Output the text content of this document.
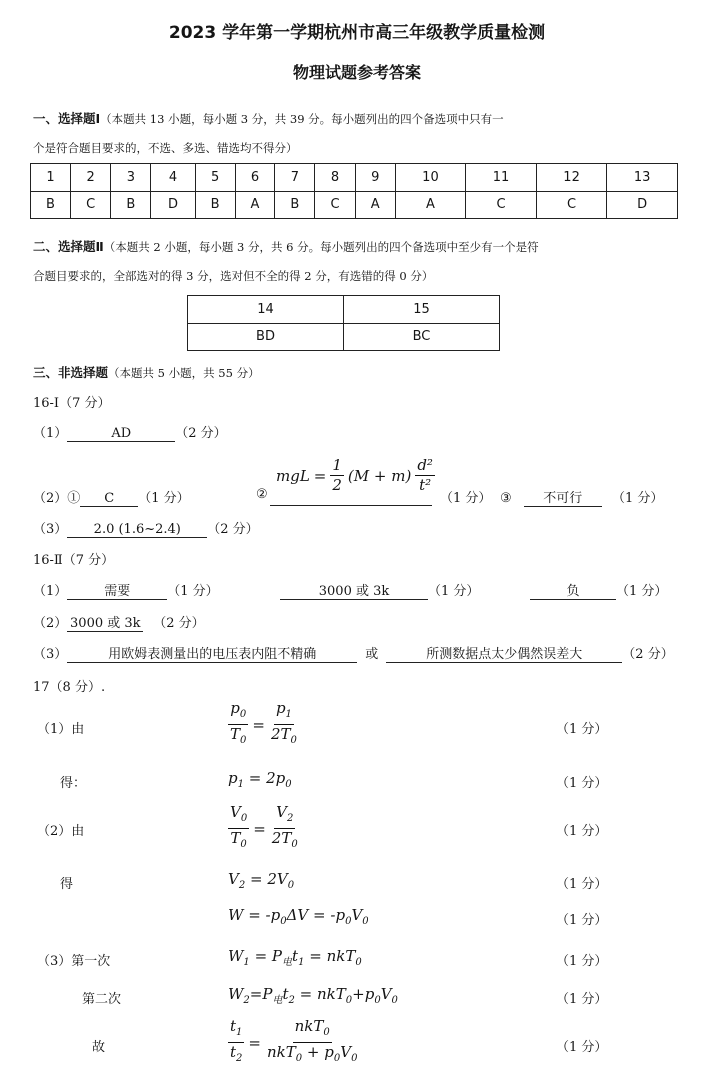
2023 学年第一学期杭州市高三年级教学质量检测
物理试题参考答案
一、选择题Ⅰ（本题共 13 小题，每小题 3 分，共 39 分。每小题列出的四个备选项中只有一
个是符合题目要求的，不选、多选、错选均不得分）
1	2	3	4	5	6	7	8	9	10	11	12	13
B	C	B	D	B	A	B	C	A	A	C	C	D
二、选择题Ⅱ（本题共 2 小题，每小题 3 分，共 6 分。每小题列出的四个备选项中至少有一个是符
合题目要求的，全部选对的得 3 分，选对但不全的得 2 分，有选错的得 0 分）
14	15
BD	BC
三、非选择题（本题共 5 小题，共 55 分）
16-Ⅰ（7 分）
（1）	AD	（2 分）
（2）① C （1 分）	②
mgL = $\frac{1}{2} (M + m) \frac{\text{d²}}{\text{t²}}$
（1 分） ③ 不可行 （1 分）
（3） 2.0 (1.6~2.4) （2 分）
16-Ⅱ（7 分）
（1）	需要	（1 分）	3000 或 3k	（1 分）	负	（1 分）
（2） 3000 或 3k （2 分）
（3）	用欧姆表测量出的电压表内阻不精确	或	所测数据点太少偶然误差大	（2 分）
17（8 分）.
（1）由	$\frac{p_0}{T_0} = \frac{p_1}{2T_0}$	（1 分）
得：	$p_1 = 2p_0$	（1 分）
（2）由	$\frac{V_0}{T_0} = \frac{V_2}{2T_0}$	（1 分）
得	$V_2 = 2V_0$	（1 分）
$W = -p_0\Delta V = -p_0V_0$	（1 分）
（3）第一次	$W_1 = P_电t_1 = nkT_0$	（1 分）
第二次	$W_2=P_电t_2 = nkT_0+p_0V_0$	（1 分）
故	$\frac{t_1}{t_2} = \frac{nkT_0}{nkT_0 + p_0V_0}$	（1 分）
